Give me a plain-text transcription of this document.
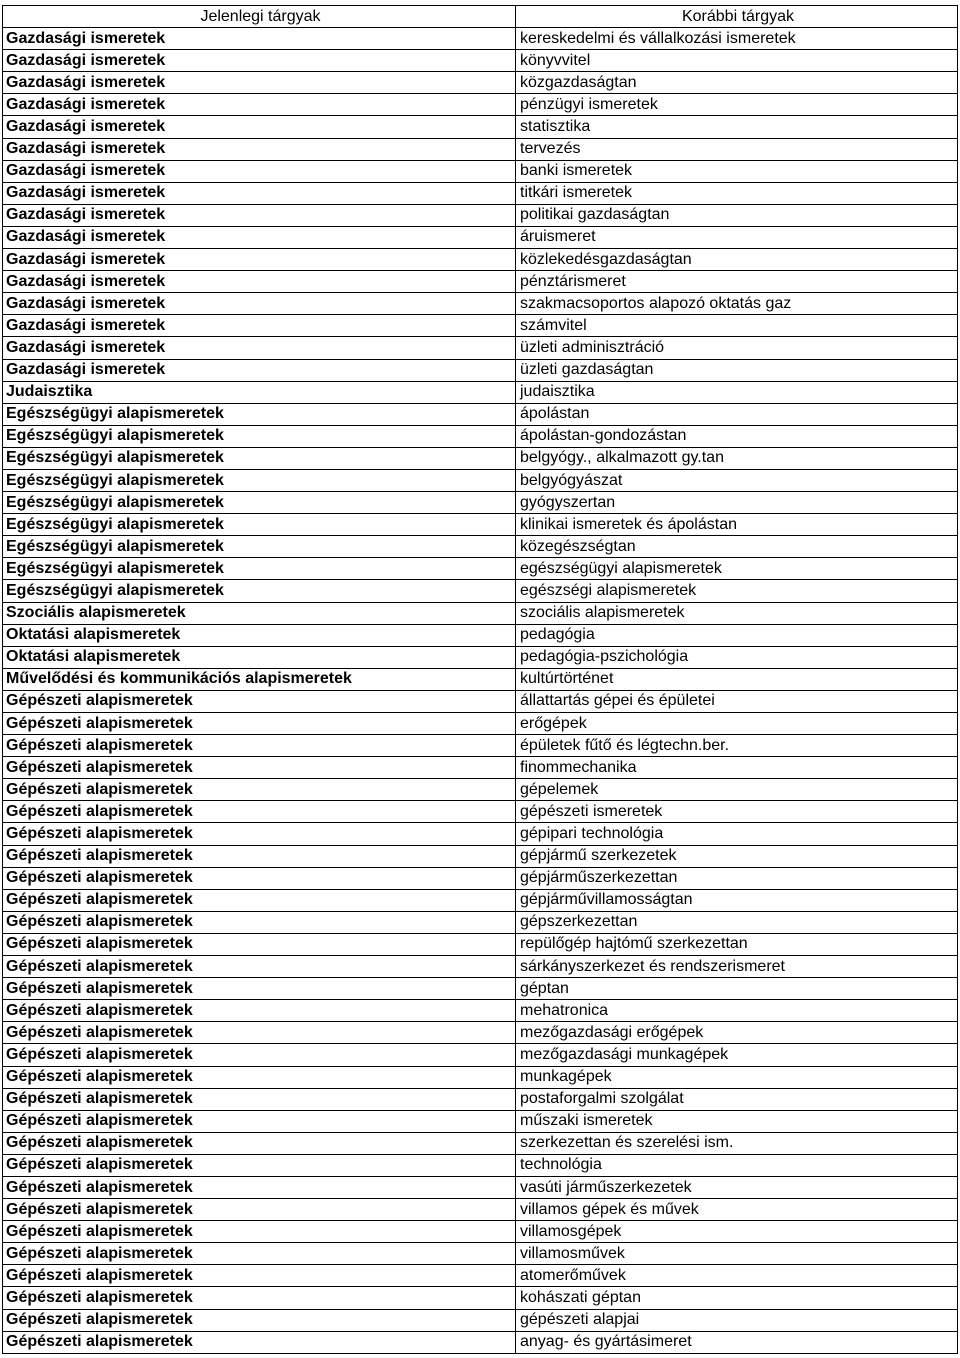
Jelenlegi tárgyak	Korábbi tárgyak
Gazdasági ismeretek	kereskedelmi és vállalkozási ismeretek
Gazdasági ismeretek	könyvvitel
Gazdasági ismeretek	közgazdaságtan
Gazdasági ismeretek	pénzügyi ismeretek
Gazdasági ismeretek	statisztika
Gazdasági ismeretek	tervezés
Gazdasági ismeretek	banki ismeretek
Gazdasági ismeretek	titkári ismeretek
Gazdasági ismeretek	politikai gazdaságtan
Gazdasági ismeretek	áruismeret
Gazdasági ismeretek	közlekedésgazdaságtan
Gazdasági ismeretek	pénztárismeret
Gazdasági ismeretek	szakmacsoportos alapozó oktatás gaz
Gazdasági ismeretek	számvitel
Gazdasági ismeretek	üzleti adminisztráció
Gazdasági ismeretek	üzleti gazdaságtan
Judaisztika	judaisztika
Egészségügyi alapismeretek	ápolástan
Egészségügyi alapismeretek	ápolástan-gondozástan
Egészségügyi alapismeretek	belgyógy., alkalmazott gy.tan
Egészségügyi alapismeretek	belgyógyászat
Egészségügyi alapismeretek	gyógyszertan
Egészségügyi alapismeretek	klinikai ismeretek és ápolástan
Egészségügyi alapismeretek	közegészségtan
Egészségügyi alapismeretek	egészségügyi alapismeretek
Egészségügyi alapismeretek	egészségi alapismeretek
Szociális alapismeretek	szociális alapismeretek
Oktatási alapismeretek	pedagógia
Oktatási alapismeretek	pedagógia-pszichológia
Művelődési és kommunikációs alapismeretek	kultúrtörténet
Gépészeti alapismeretek	állattartás gépei és épületei
Gépészeti alapismeretek	erőgépek
Gépészeti alapismeretek	épületek fűtő és légtechn.ber.
Gépészeti alapismeretek	finommechanika
Gépészeti alapismeretek	gépelemek
Gépészeti alapismeretek	gépészeti ismeretek
Gépészeti alapismeretek	gépipari technológia
Gépészeti alapismeretek	gépjármű szerkezetek
Gépészeti alapismeretek	gépjárműszerkezettan
Gépészeti alapismeretek	gépjárművillamosságtan
Gépészeti alapismeretek	gépszerkezettan
Gépészeti alapismeretek	repülőgép hajtómű szerkezettan
Gépészeti alapismeretek	sárkányszerkezet és rendszerismeret
Gépészeti alapismeretek	géptan
Gépészeti alapismeretek	mehatronica
Gépészeti alapismeretek	mezőgazdasági erőgépek
Gépészeti alapismeretek	mezőgazdasági munkagépek
Gépészeti alapismeretek	munkagépek
Gépészeti alapismeretek	postaforgalmi szolgálat
Gépészeti alapismeretek	műszaki ismeretek
Gépészeti alapismeretek	szerkezettan és szerelési ism.
Gépészeti alapismeretek	technológia
Gépészeti alapismeretek	vasúti járműszerkezetek
Gépészeti alapismeretek	villamos gépek és művek
Gépészeti alapismeretek	villamosgépek
Gépészeti alapismeretek	villamosművek
Gépészeti alapismeretek	atomerőművek
Gépészeti alapismeretek	kohászati géptan
Gépészeti alapismeretek	gépészeti alapjai
Gépészeti alapismeretek	anyag- és gyártásimeret
